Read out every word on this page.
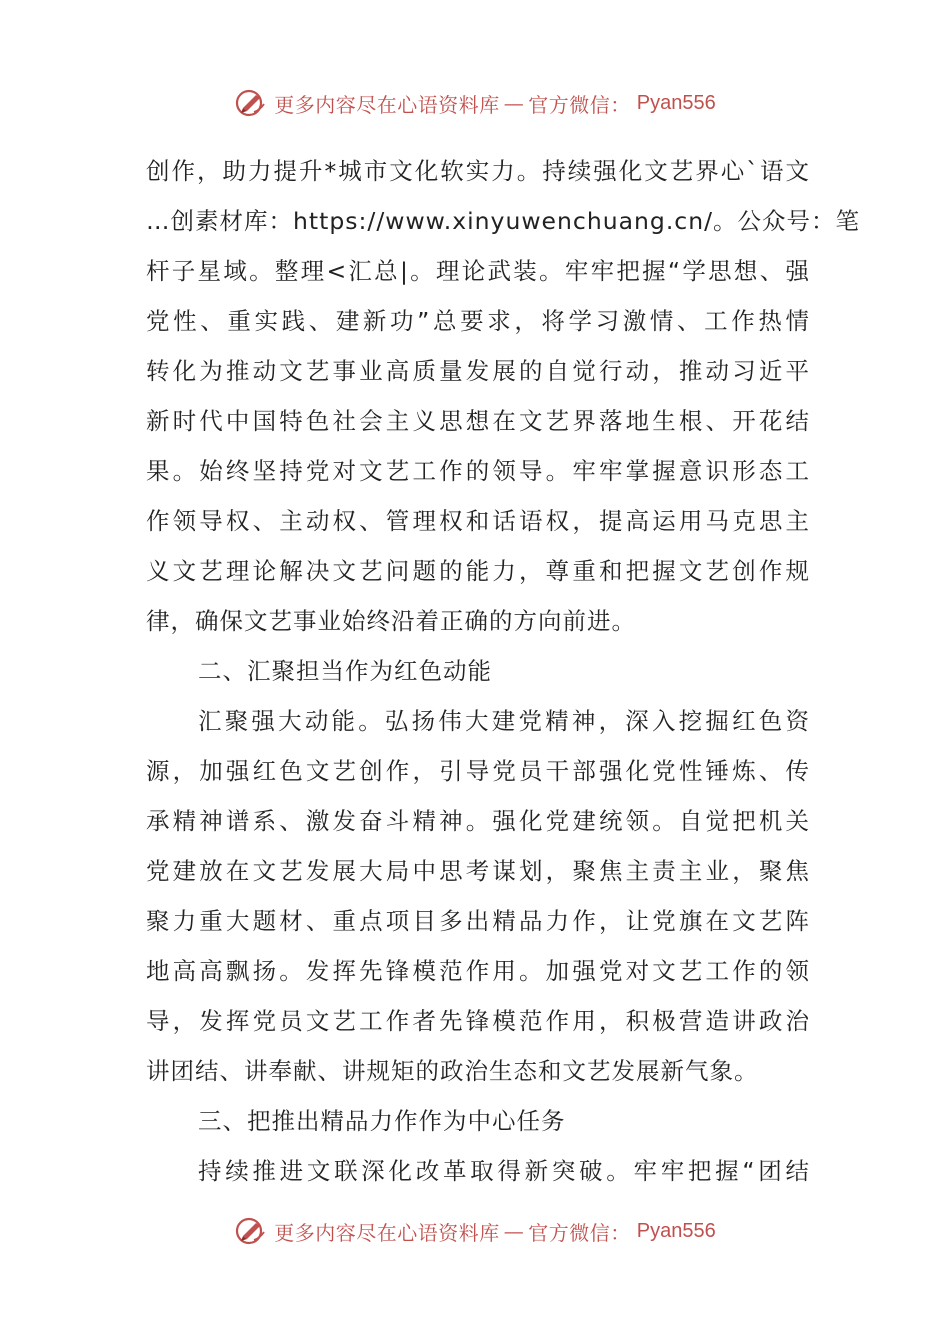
更多内容尽在心语资料库 — 官方微信： Pyan556
创作，助力提升*城市文化软实力。持续强化文艺界心`语文
…创素材库：https://www.xinyuwenchuang.cn/。公众号：笔
杆子星域。整理<汇总|。理论武装。牢牢把握“学思想、强
党性、重实践、建新功”总要求，将学习激情、工作热情
转化为推动文艺事业高质量发展的自觉行动，推动习近平
新时代中国特色社会主义思想在文艺界落地生根、开花结
果。始终坚持党对文艺工作的领导。牢牢掌握意识形态工
作领导权、主动权、管理权和话语权，提高运用马克思主
义文艺理论解决文艺问题的能力，尊重和把握文艺创作规
律，确保文艺事业始终沿着正确的方向前进。
二、汇聚担当作为红色动能
汇聚强大动能。弘扬伟大建党精神，深入挖掘红色资
源，加强红色文艺创作，引导党员干部强化党性锤炼、传
承精神谱系、激发奋斗精神。强化党建统领。自觉把机关
党建放在文艺发展大局中思考谋划，聚焦主责主业，聚焦
聚力重大题材、重点项目多出精品力作，让党旗在文艺阵
地高高飘扬。发挥先锋模范作用。加强党对文艺工作的领
导，发挥党员文艺工作者先锋模范作用，积极营造讲政治
讲团结、讲奉献、讲规矩的政治生态和文艺发展新气象。
三、把推出精品力作作为中心任务
持续推进文联深化改革取得新突破。牢牢把握“团结
更多内容尽在心语资料库 — 官方微信： Pyan556
